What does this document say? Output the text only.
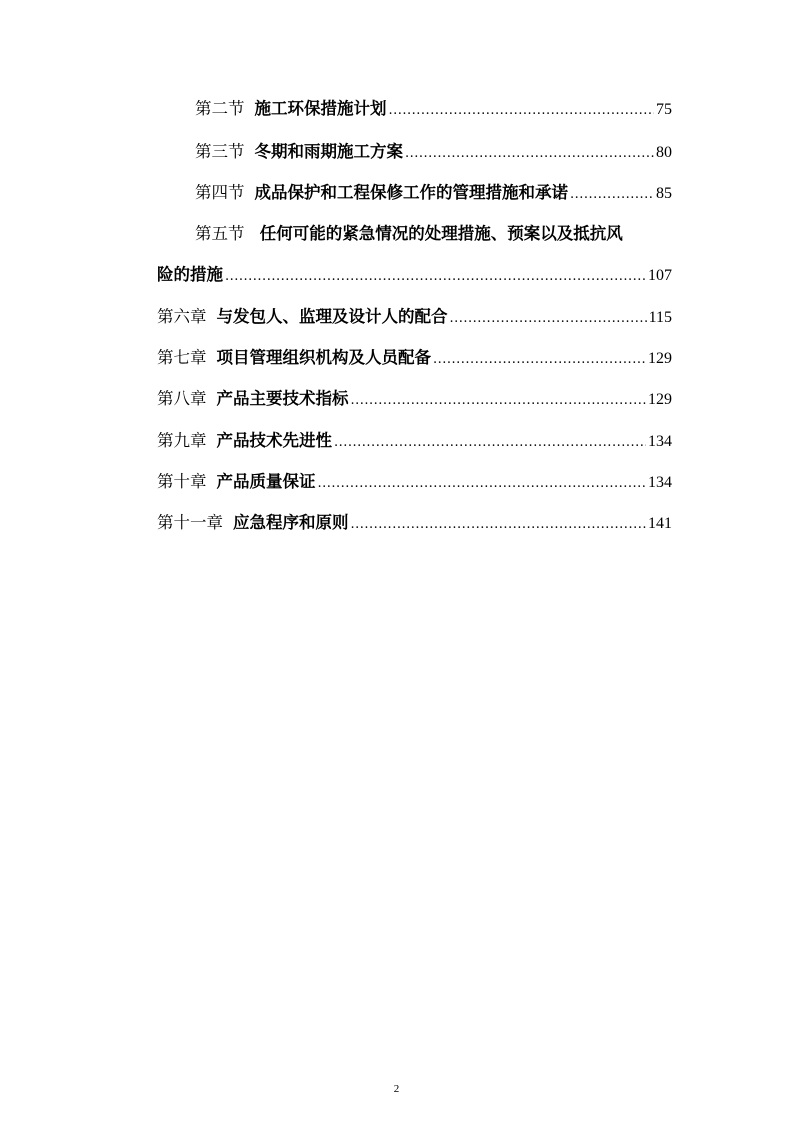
第二节 施工环保措施计划 .....	75
第三节 冬期和雨期施工方案 .....	80
第四节 成品保护和工程保修工作的管理措施和承诺 .....	85
第五节 任何可能的紧急情况的处理措施、预案以及抵抗风
险的措施 .....	107
第六章 与发包人、监理及设计人的配合 .....	115
第七章 项目管理组织机构及人员配备 .....	129
第八章 产品主要技术指标 .....	129
第九章 产品技术先进性 .....	134
第十章 产品质量保证 .....	134
第十一章 应急程序和原则 .....	141
2
